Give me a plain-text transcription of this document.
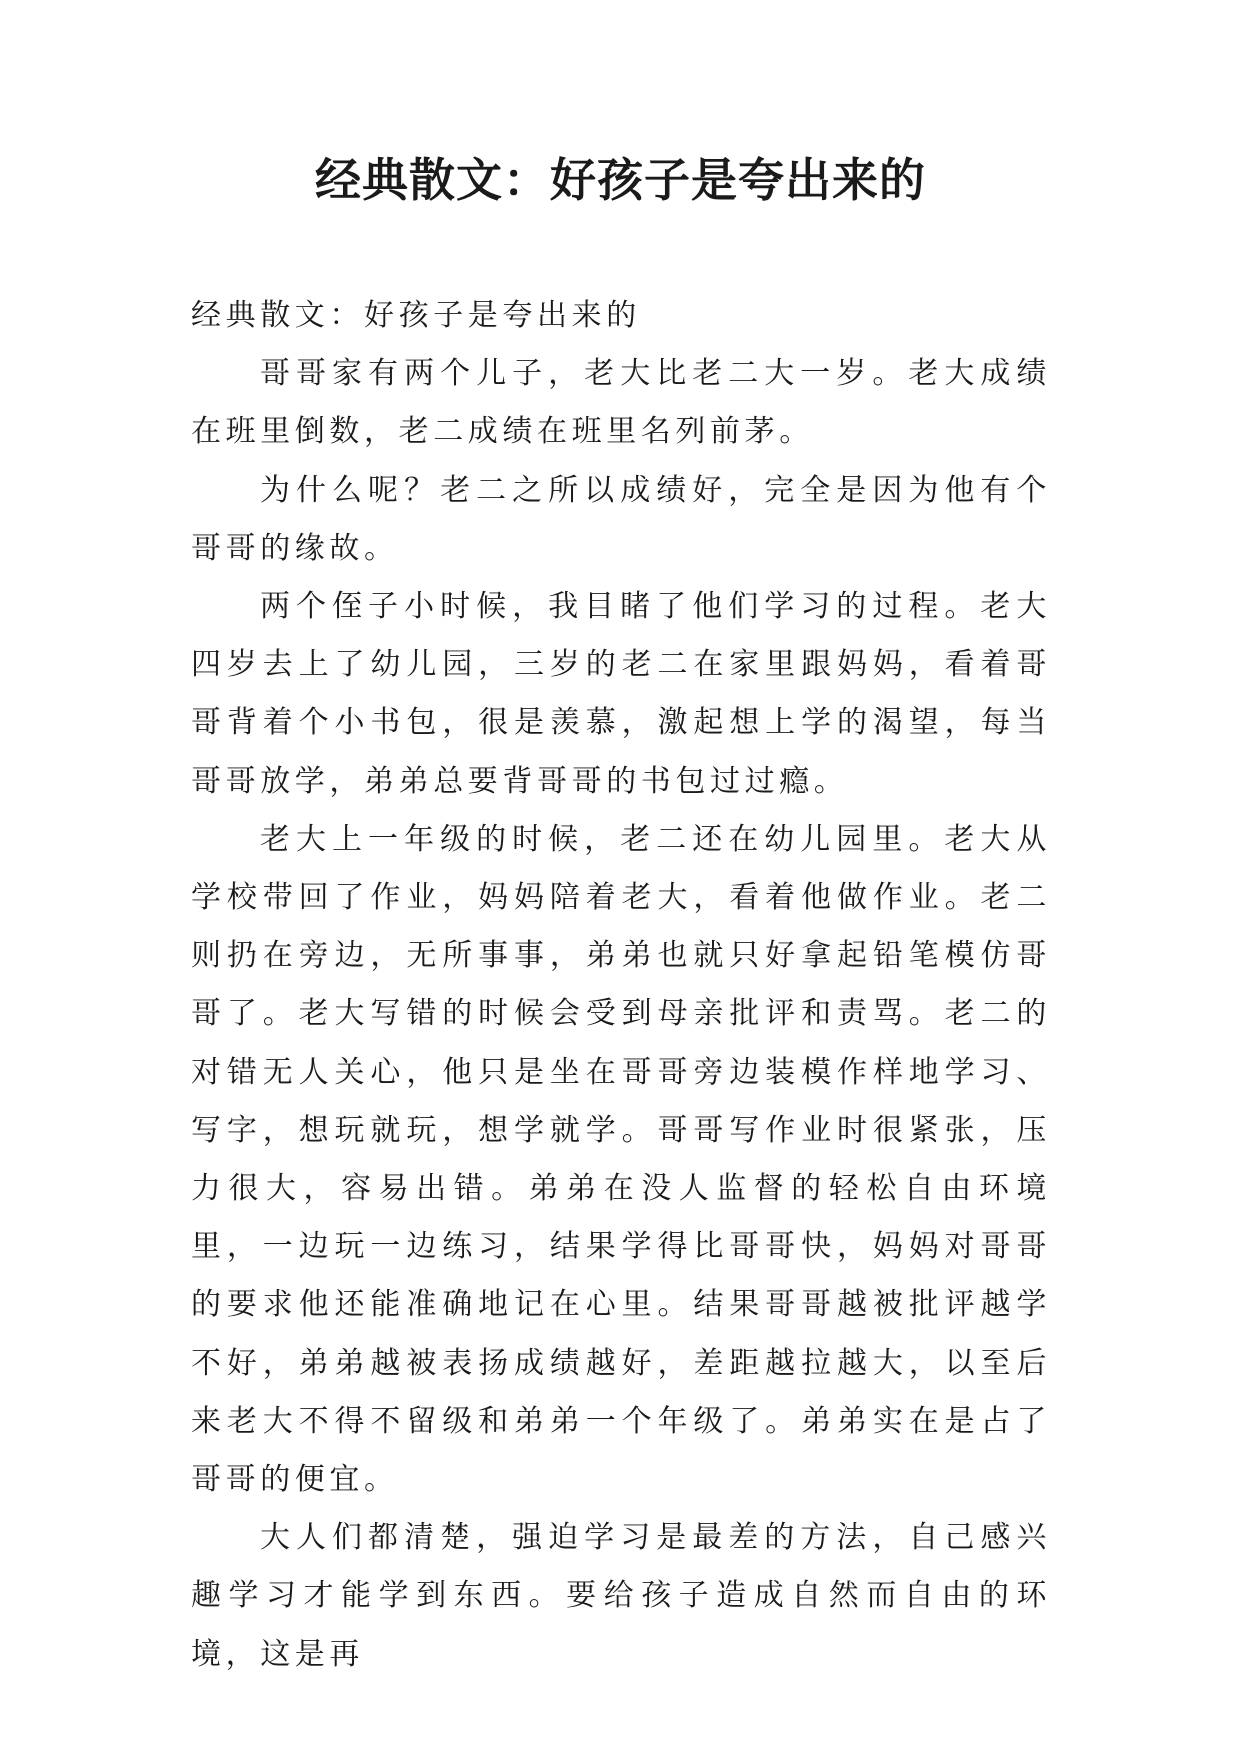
经典散文：好孩子是夸出来的

经典散文：好孩子是夸出来的

哥哥家有两个儿子，老大比老二大一岁。老大成绩在班里倒数，老二成绩在班里名列前茅。

为什么呢？老二之所以成绩好，完全是因为他有个哥哥的缘故。

两个侄子小时候，我目睹了他们学习的过程。老大四岁去上了幼儿园，三岁的老二在家里跟妈妈，看着哥哥背着个小书包，很是羡慕，激起想上学的渴望，每当哥哥放学，弟弟总要背哥哥的书包过过瘾。

老大上一年级的时候，老二还在幼儿园里。老大从学校带回了作业，妈妈陪着老大，看着他做作业。老二则扔在旁边，无所事事，弟弟也就只好拿起铅笔模仿哥哥了。老大写错的时候会受到母亲批评和责骂。老二的对错无人关心，他只是坐在哥哥旁边装模作样地学习、写字，想玩就玩，想学就学。哥哥写作业时很紧张，压力很大，容易出错。弟弟在没人监督的轻松自由环境里，一边玩一边练习，结果学得比哥哥快，妈妈对哥哥的要求他还能准确地记在心里。结果哥哥越被批评越学不好，弟弟越被表扬成绩越好，差距越拉越大，以至后来老大不得不留级和弟弟一个年级了。弟弟实在是占了哥哥的便宜。

大人们都清楚，强迫学习是最差的方法，自己感兴趣学习才能学到东西。要给孩子造成自然而自由的环境，这是再
